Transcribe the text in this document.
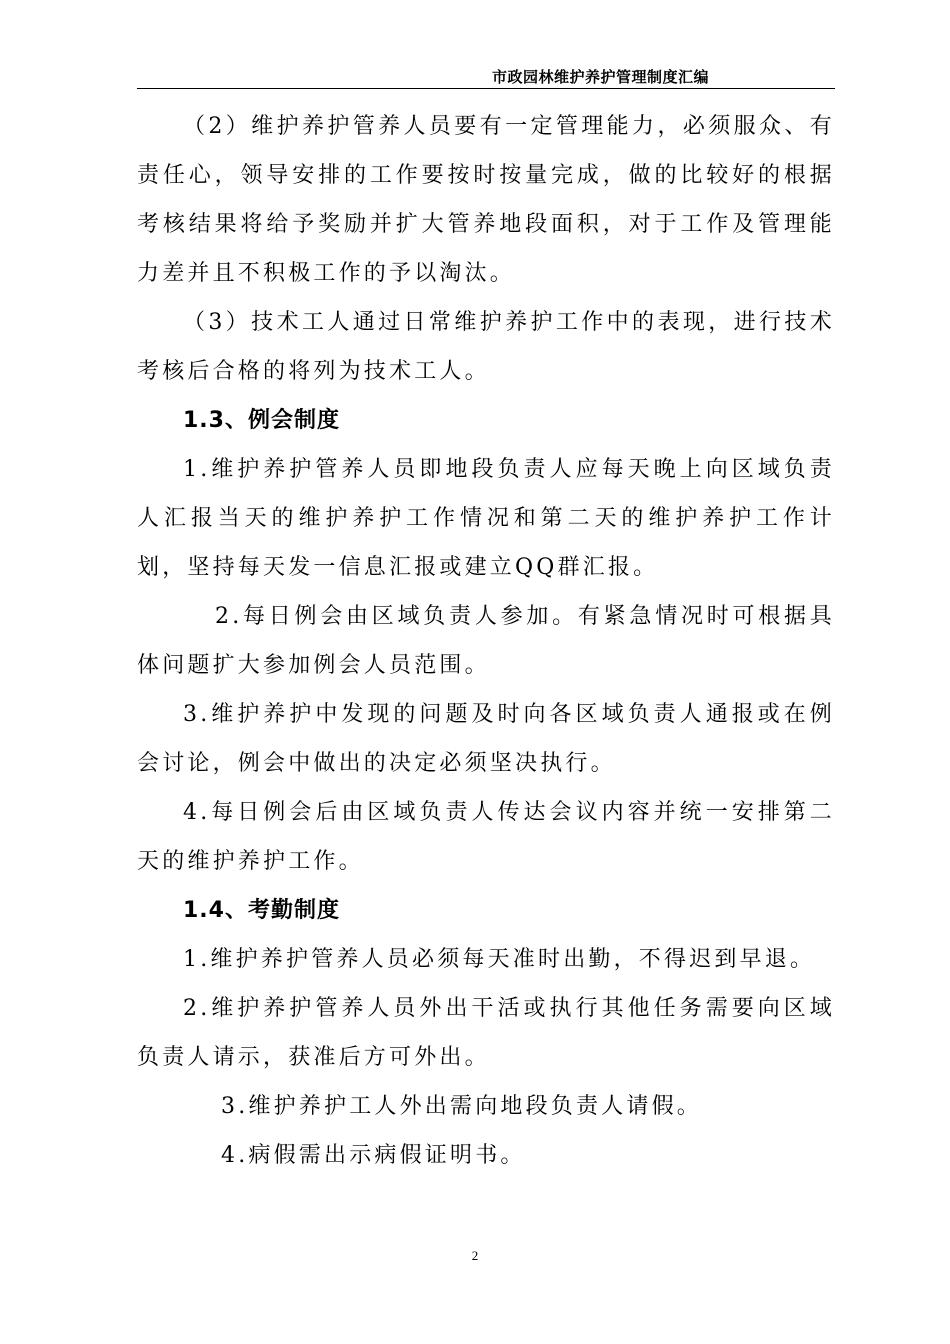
市政园林维护养护管理制度汇编

（2）维护养护管养人员要有一定管理能力，必须服众、有责任心，领导安排的工作要按时按量完成，做的比较好的根据考核结果将给予奖励并扩大管养地段面积，对于工作及管理能力差并且不积极工作的予以淘汰。

（3）技术工人通过日常维护养护工作中的表现，进行技术考核后合格的将列为技术工人。

1.3、例会制度

1.维护养护管养人员即地段负责人应每天晚上向区域负责人汇报当天的维护养护工作情况和第二天的维护养护工作计划，坚持每天发一信息汇报或建立QQ群汇报。

2.每日例会由区域负责人参加。有紧急情况时可根据具体问题扩大参加例会人员范围。

3.维护养护中发现的问题及时向各区域负责人通报或在例会讨论，例会中做出的决定必须坚决执行。

4.每日例会后由区域负责人传达会议内容并统一安排第二天的维护养护工作。

1.4、考勤制度

1.维护养护管养人员必须每天准时出勤，不得迟到早退。

2.维护养护管养人员外出干活或执行其他任务需要向区域负责人请示，获准后方可外出。

3.维护养护工人外出需向地段负责人请假。

4.病假需出示病假证明书。

2
